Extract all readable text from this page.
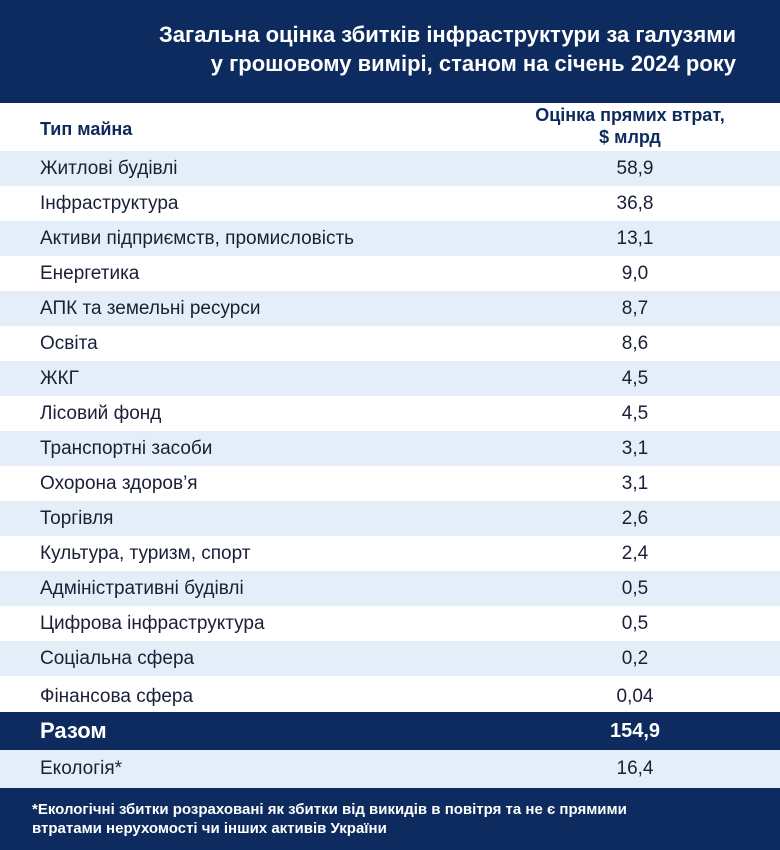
Загальна оцінка збитків інфраструктури за галузями
у грошовому вимірі, станом на січень 2024 року
Тип майна
Оцінка прямих втрат,
$ млрд
Житлові будівлі	58,9
Інфраструктура	36,8
Активи підприємств, промисловість	13,1
Енергетика	9,0
АПК та земельні ресурси	8,7
Освіта	8,6
ЖКГ	4,5
Лісовий фонд	4,5
Транспортні засоби	3,1
Охорона здоров’я	3,1
Торгівля	2,6
Культура, туризм, спорт	2,4
Адміністративні будівлі	0,5
Цифрова інфраструктура	0,5
Соціальна сфера	0,2
Фінансова сфера	0,04
Разом	154,9
Екологія*	16,4
*Екологічні збитки розраховані як збитки від викидів в повітря та не є прямими
втратами нерухомості чи інших активів України
